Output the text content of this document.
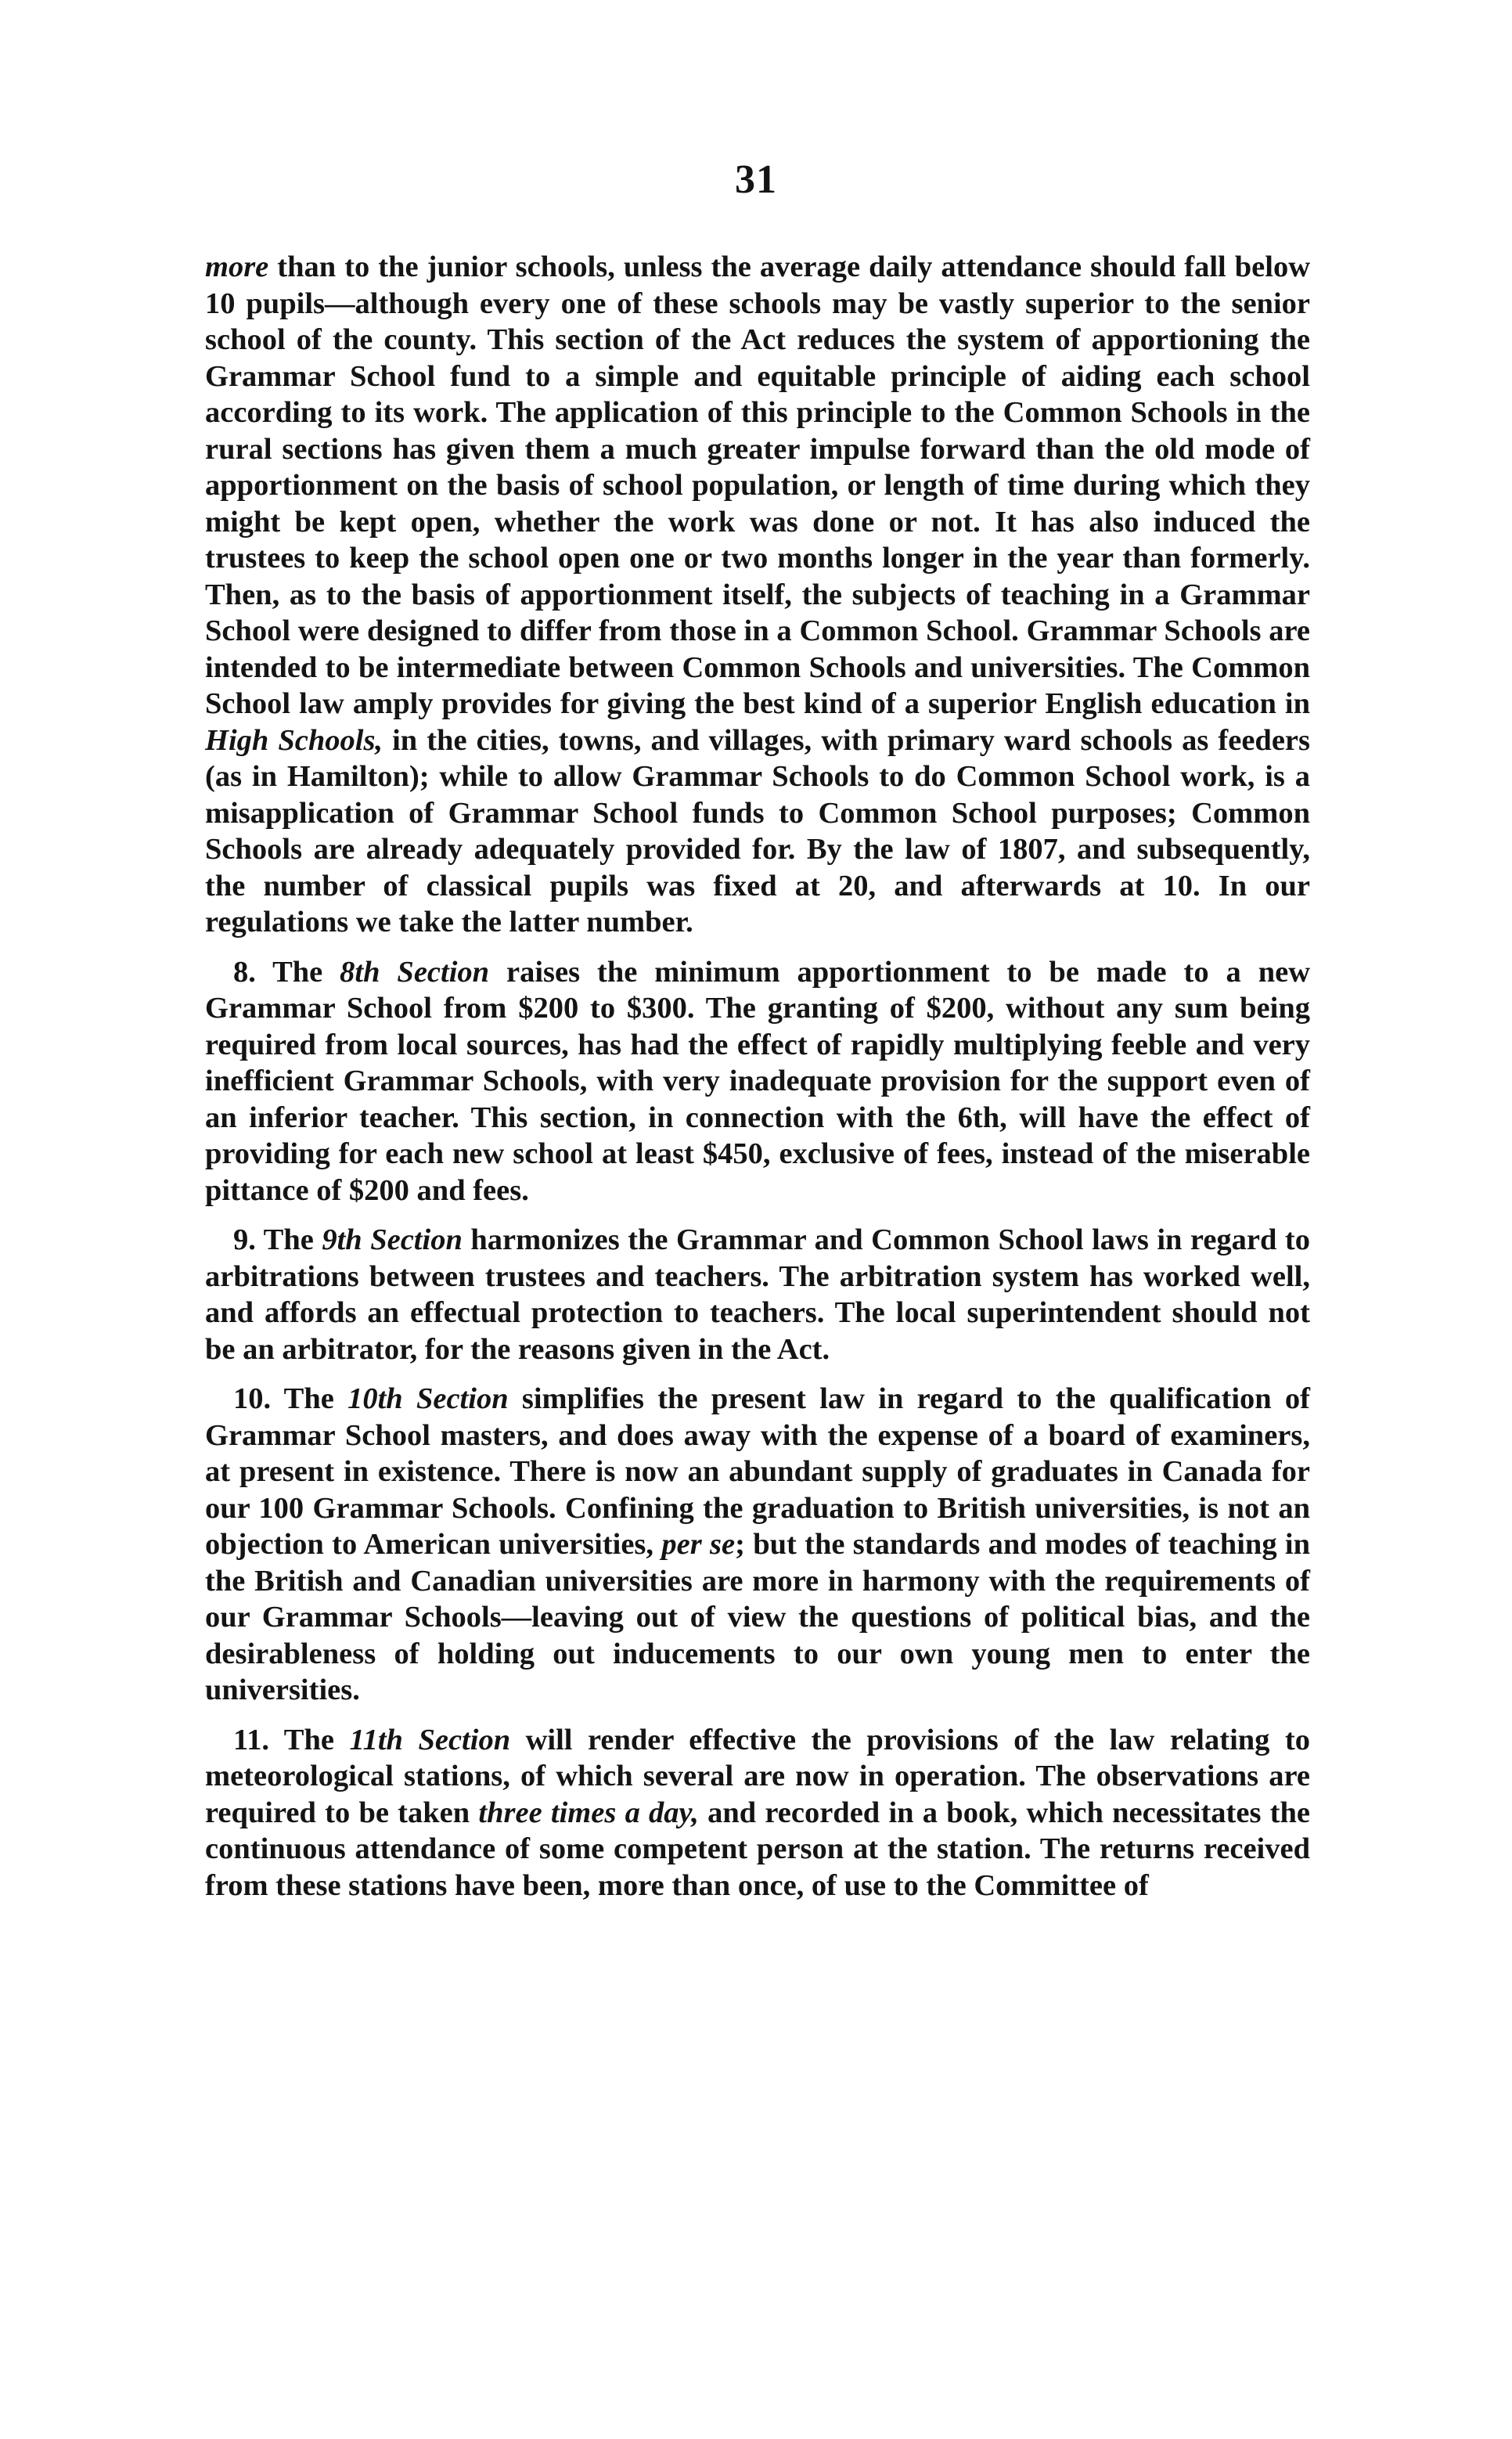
31

more than to the junior schools, unless the average daily attendance should fall below 10 pupils—although every one of these schools may be vastly superior to the senior school of the county. This section of the Act reduces the system of apportioning the Grammar School fund to a simple and equitable principle of aiding each school according to its work. The application of this principle to the Common Schools in the rural sections has given them a much greater impulse forward than the old mode of apportionment on the basis of school population, or length of time during which they might be kept open, whether the work was done or not. It has also induced the trustees to keep the school open one or two months longer in the year than formerly. Then, as to the basis of apportionment itself, the subjects of teaching in a Grammar School were designed to differ from those in a Common School. Grammar Schools are intended to be intermediate between Common Schools and universities. The Common School law amply provides for giving the best kind of a superior English education in High Schools, in the cities, towns, and villages, with primary ward schools as feeders (as in Hamilton); while to allow Grammar Schools to do Common School work, is a misapplication of Grammar School funds to Common School purposes; Common Schools are already adequately provided for. By the law of 1807, and subsequently, the number of classical pupils was fixed at 20, and afterwards at 10. In our regulations we take the latter number.

8. The 8th Section raises the minimum apportionment to be made to a new Grammar School from $200 to $300. The granting of $200, without any sum being required from local sources, has had the effect of rapidly multiplying feeble and very inefficient Grammar Schools, with very inadequate provision for the support even of an inferior teacher. This section, in connection with the 6th, will have the effect of providing for each new school at least $450, exclusive of fees, instead of the miserable pittance of $200 and fees.

9. The 9th Section harmonizes the Grammar and Common School laws in regard to arbitrations between trustees and teachers. The arbitration system has worked well, and affords an effectual protection to teachers. The local superintendent should not be an arbitrator, for the reasons given in the Act.

10. The 10th Section simplifies the present law in regard to the qualification of Grammar School masters, and does away with the expense of a board of examiners, at present in existence. There is now an abundant supply of graduates in Canada for our 100 Grammar Schools. Confining the graduation to British universities, is not an objection to American universities, per se; but the standards and modes of teaching in the British and Canadian universities are more in harmony with the requirements of our Grammar Schools—leaving out of view the questions of political bias, and the desirableness of holding out inducements to our own young men to enter the universities.

11. The 11th Section will render effective the provisions of the law relating to meteorological stations, of which several are now in operation. The observations are required to be taken three times a day, and recorded in a book, which necessitates the continuous attendance of some competent person at the station. The returns received from these stations have been, more than once, of use to the Committee of
